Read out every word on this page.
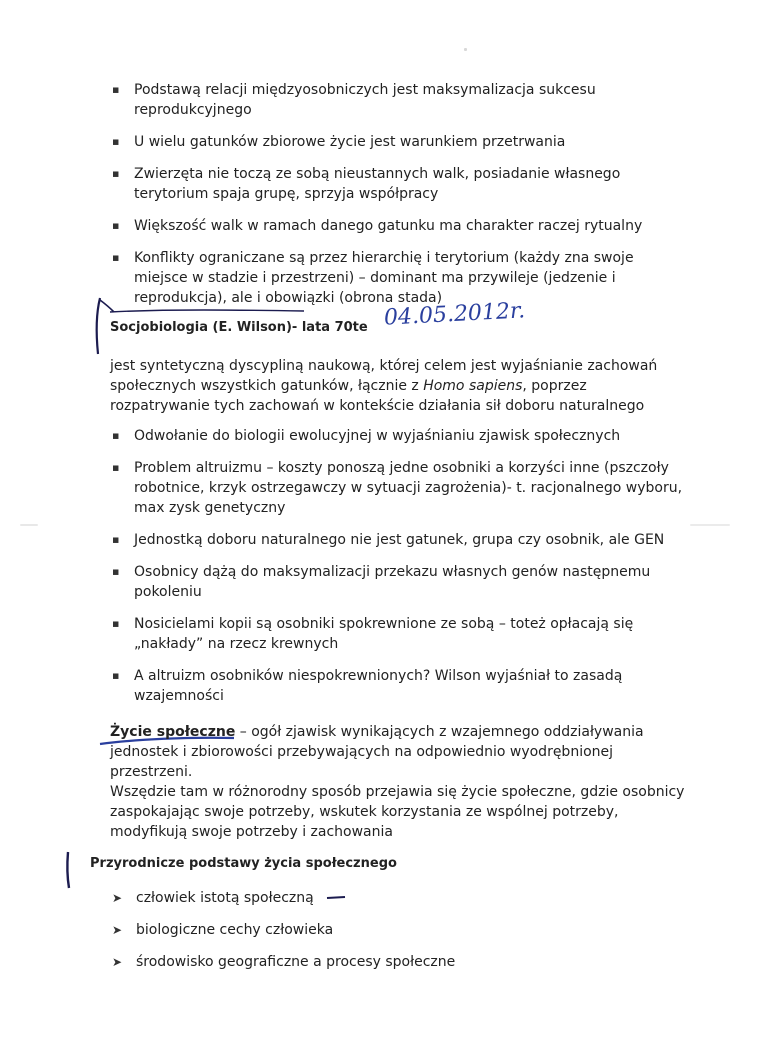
▪ Podstawą relacji międzyosobniczych jest maksymalizacja sukcesu reprodukcyjnego
▪ U wielu gatunków zbiorowe życie jest warunkiem przetrwania
▪ Zwierzęta nie toczą ze sobą nieustannych walk, posiadanie własnego terytorium spaja grupę, sprzyja współpracy
▪ Większość walk w ramach danego gatunku ma charakter raczej rytualny
▪ Konflikty ograniczane są przez hierarchię i terytorium (każdy zna swoje miejsce w stadzie i przestrzeni) – dominant ma przywileje (jedzenie i reprodukcja), ale i obowiązki (obrona stada)
Socjobiologia (E. Wilson)- lata 70te 04.05.2012r.

jest syntetyczną dyscypliną naukową, której celem jest wyjaśnianie zachowań społecznych wszystkich gatunków, łącznie z Homo sapiens, poprzez rozpatrywanie tych zachowań w kontekście działania sił doboru naturalnego

▪ Odwołanie do biologii ewolucyjnej w wyjaśnianiu zjawisk społecznych
▪ Problem altruizmu – koszty ponoszą jedne osobniki a korzyści inne (pszczoły robotnice, krzyk ostrzegawczy w sytuacji zagrożenia)- t. racjonalnego wyboru, max zysk genetyczny
▪ Jednostką doboru naturalnego nie jest gatunek, grupa czy osobnik, ale GEN
▪ Osobnicy dążą do maksymalizacji przekazu własnych genów następnemu pokoleniu
▪ Nosicielami kopii są osobniki spokrewnione ze sobą – toteż opłacają się „nakłady” na rzecz krewnych
▪ A altruizm osobników niespokrewnionych? Wilson wyjaśniał to zasadą wzajemności

Życie społeczne – ogół zjawisk wynikających z wzajemnego oddziaływania jednostek i zbiorowości przebywających na odpowiednio wyodrębnionej przestrzeni.
Wszędzie tam w różnorodny sposób przejawia się życie społeczne, gdzie osobnicy zaspokajając swoje potrzeby, wskutek korzystania ze wspólnej potrzeby, modyfikują swoje potrzeby i zachowania

Przyrodnicze podstawy życia społecznego
➤ człowiek istotą społeczną
➤ biologiczne cechy człowieka
➤ środowisko geograficzne a procesy społeczne
